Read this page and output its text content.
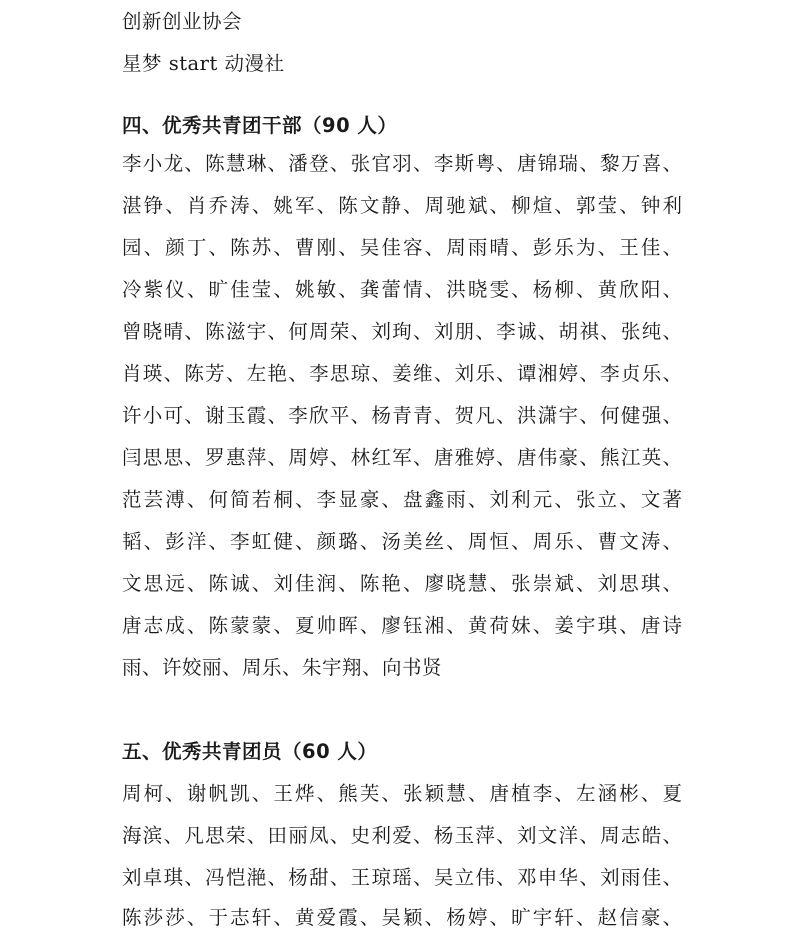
创新创业协会
星梦 start 动漫社
四、优秀共青团干部（90 人）
李小龙、陈慧琳、潘登、张官羽、李斯粤、唐锦瑞、黎万喜、
湛铮、肖乔涛、姚军、陈文静、周驰斌、柳煊、郭莹、钟利
园、颜丁、陈苏、曹刚、吴佳容、周雨晴、彭乐为、王佳、
冷紫仪、旷佳莹、姚敏、龚蕾情、洪晓雯、杨柳、黄欣阳、
曾晓晴、陈滋宇、何周荣、刘珣、刘朋、李诚、胡祺、张纯、
肖瑛、陈芳、左艳、李思琼、姜维、刘乐、谭湘婷、李贞乐、
许小可、谢玉霞、李欣平、杨青青、贺凡、洪潇宇、何健强、
闫思思、罗惠萍、周婷、林红军、唐雅婷、唐伟豪、熊江英、
范芸溥、何简若桐、李显豪、盘鑫雨、刘利元、张立、文著
韬、彭洋、李虹健、颜璐、汤美丝、周恒、周乐、曹文涛、
文思远、陈诚、刘佳润、陈艳、廖晓慧、张崇斌、刘思琪、
唐志成、陈蒙蒙、夏帅晖、廖钰湘、黄荷妹、姜宇琪、唐诗
雨、许姣丽、周乐、朱宇翔、向书贤
五、优秀共青团员（60 人）
周柯、谢帆凯、王烨、熊芙、张颖慧、唐植李、左涵彬、夏
海滨、凡思荣、田丽凤、史利爱、杨玉萍、刘文洋、周志皓、
刘卓琪、冯恺滟、杨甜、王琼瑶、吴立伟、邓申华、刘雨佳、
陈莎莎、于志轩、黄爱霞、吴颖、杨婷、旷宇轩、赵信豪、
